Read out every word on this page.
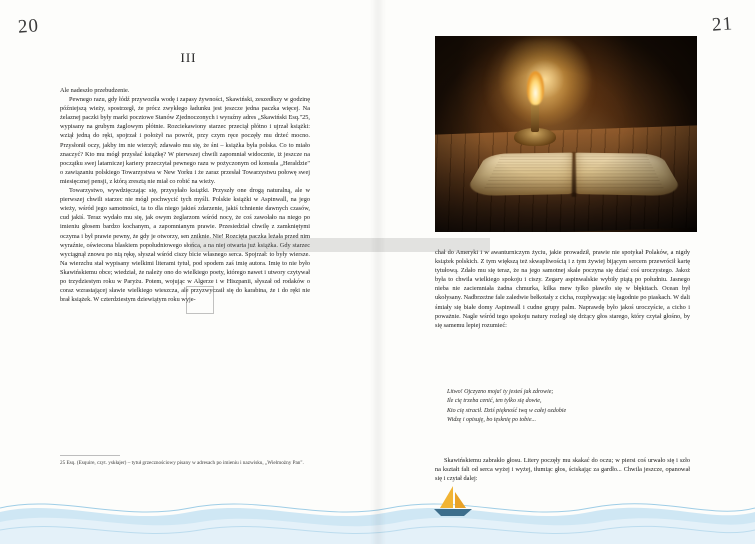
20	21
III

Ale nadeszło przebudzenie.

Pewnego razu, gdy łódź przywoziła wodę i zapasy żywności, Skawiński, zeszedłszy w godzinę późniejszą wieży, spostrzegł, że prócz zwykłego ładunku jest jeszcze jedna paczka więcej. Na żelaznej paczki były marki pocztowe Stanów Zjednoczonych i wyraźny adres „Skawiński Esq."25, wypisany na grubym żaglowym płótnie. Rozciekawiony starzec przeciął płótno i ujrzał książki: wziął jedną do ręki, spojrzał i położył na powrót, przy czym ręce poczęły mu drżeć mocno. Przysłonił oczy, jakby im nie wierzył; zdawało mu się, że śni – książka była polska. Co to miało znaczyć? Kto mu mógł przysłać książkę? W pierwszej chwili zapomniał widocznie, iż jeszcze na początku swej latarniczej kariery przeczytał pewnego razu w pożyczonym od konsula „Heraldzie" o zawiązaniu polskiego Towarzystwa w New Yorku i że zaraz przesłał Towarzystwu połowę swej miesięcznej pensji, z którą zresztą nie miał co robić na wieży.

Towarzystwo, wywdzięczając się, przysyłało książki. Przyszły one drogą naturalną, ale w pierwszej chwili starzec nie mógł pochwycić tych myśli. Polskie książki w Aspinwall, na jego wieży, wśród jego samotności, ta to dla niego jakieś zdarzenie, jakiś tchnienie dawnych czasów, cud jakiś. Teraz wydało mu się, jak owym żeglarzom wśród nocy, że coś zawołało na niego po imieniu głosem bardzo kochanym, a zapomnianym prawie. Przesiedział chwilę z zamkniętymi oczyma i był prawie pewny, że gdy je otworzy, sen zniknie. Nie! Rozcięta paczka leżała przed nim wyraźnie, oświecona blaskiem popołudniowego słońca, a na niej otwarta już książka. Gdy starzec wyciągnął znowu po nią rękę, słyszał wśród ciszy bicie własnego serca. Spojrzał: to były wiersze. Na wierzchu stał wypisany wielkimi literami tytuł, pod spodem zaś imię autora. Imię to nie było Skawińskiemu obce; wiedział, że należy ono do wielkiego poety, którego nawet i utwory czytywał po trzydziestym roku w Paryżu. Potem, wojując w Algerze i w Hiszpanii, słyszał od rodaków o coraz wzrastającej sławie wielkiego wieszcza, ale przyzwyczaił się do karabina, że i do ręki nie brał książek. W czterdziestym dziewiątym roku wyje-

25 Esq. (Esquire, czyt. yskłajer) – tytuł grzecznościowy pisany w adresach po imieniu i nazwisku, „Wielmożny Pan".

chał do Ameryki i w awanturniczym życiu, jakie prowadził, prawie nie spotykał Polaków, a nigdy książek polskich. Z tym większą też skwapliwością i z tym żywiej bijącym sercem przewrócił kartę tytułową. Zdało mu się teraz, że na jego samotnej skale poczyna się dziać coś uroczystego. Jakoż była to chwila wielkiego spokoju i ciszy. Zegary aspinwalskie wybiły piątą po południu. Jasnego nieba nie zaciemniała żadna chmurka, kilka mew tylko pławiło się w błękitach. Ocean był ukołysany. Nadbrzeżne fale zaledwie bełkotały z cicha, rozpływając się łagodnie po piaskach. W dali śmiały się białe domy Aspinwall i cudne grupy palm. Naprawdę było jakoś uroczyście, a cicho i poważnie. Nagle wśród tego spokoju natury rozległ się drżący głos starego, który czytał głośno, by się samemu lepiej rozumieć:

Litwo! Ojczyzno moja! ty jesteś jak zdrowie;
Ile cię trzeba cenić, ten tylko się dowie,
Kto cię stracił. Dziś piękność twą w całej ozdobie
Widzę i opisuję, bo tęsknię po tobie...

Skawińskiemu zabrakło głosu. Litery poczęły mu skakać do oczu; w piersi coś urwało się i szło na kształt fali od serca wyżej i wyżej, tłumiąc głos, ściskając za gardło... Chwila jeszcze, opanował się i czytał dalej:
